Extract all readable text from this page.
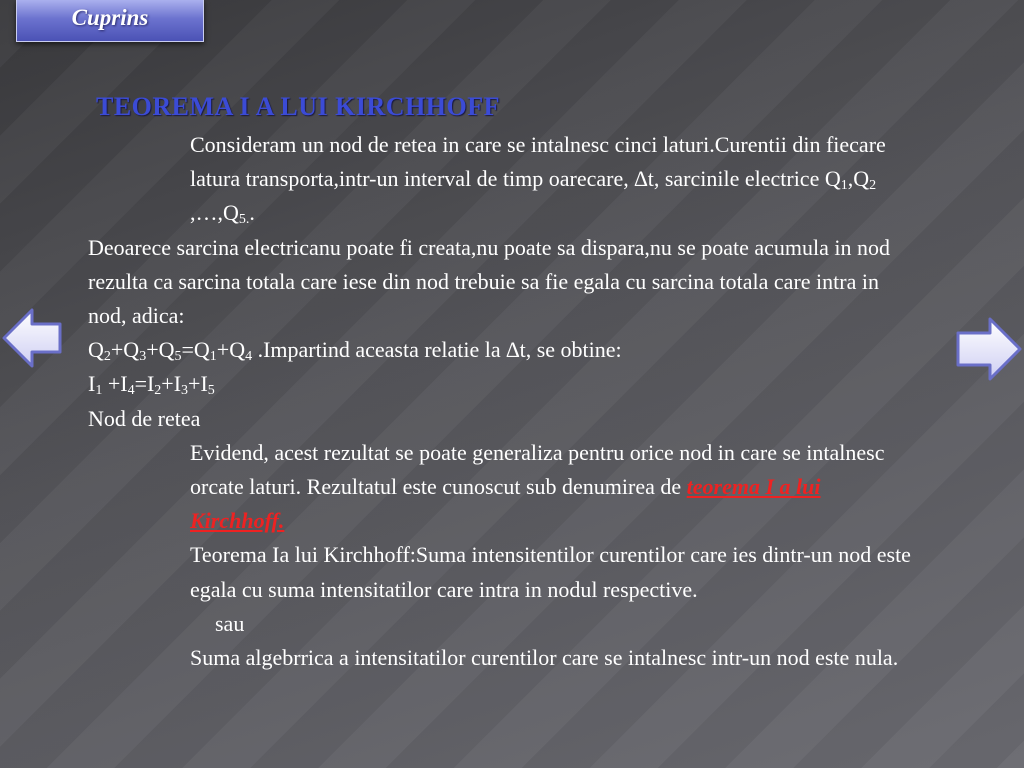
Cuprins
TEOREMA I A LUI KIRCHHOFF

Consideram un nod de retea in care se intalnesc cinci laturi.Curentii din fiecare latura transporta,intr-un interval de timp oarecare, ∆t, sarcinile electrice $Q_1,Q_2$ $,\dots,Q_{5.}$.

Deoarece sarcina electricanu poate fi creata,nu poate sa dispara,nu se poate acumula in nod rezulta ca sarcina totala care iese din nod trebuie sa fie egala cu sarcina totala care intra in nod, adica:

$Q_2+Q_3+Q_5=Q_1+Q_4$ .Impartind aceasta relatie la ∆t, se obtine:

$I_1 +I_4=I_2+I_3+I_5$

Nod de retea

Evidend, acest rezultat se poate generaliza pentru orice nod in care se intalnesc orcate laturi. Rezultatul este cunoscut sub denumirea de teorema I a lui Kirchhoff.

Teorema Ia lui Kirchhoff:Suma intensitentilor curentilor care ies dintr-un nod este egala cu suma intensitatilor care intra in nodul respective.

sau

Suma algebrrica a intensitatilor curentilor care se intalnesc intr-un nod este nula.
